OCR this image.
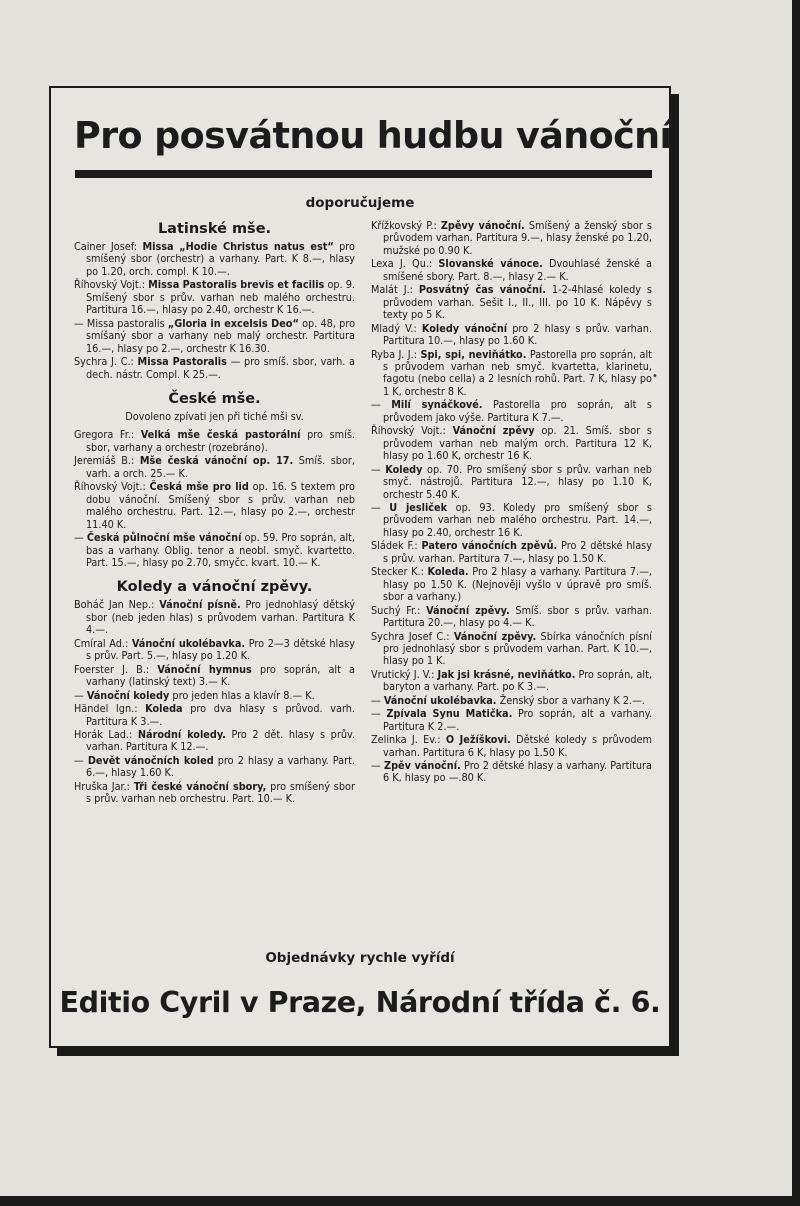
Pro posvátnou hudbu vánoční
doporučujeme
Latinské mše.
Cainer Josef: Missa „Hodie Christus natus est“ pro smíšený sbor (orchestr) a varhany. Part. K 8.—, hlasy po 1.20, orch. compl. K 10.—.
Říhovský Vojt.: Missa Pastoralis brevis et facilis op. 9. Smíšený sbor s prův. varhan neb malého orchestru. Partitura 16.—, hlasy po 2.40, orchestr K 16.—.
— Missa pastoralis „Gloria in excelsis Deo“ op. 48, pro smíšaný sbor a varhany neb malý orchestr. Partitura 16.—, hlasy po 2.—, orchestr K 16.30.
Sychra J. C.: Missa Pastoralis — pro smíš. sbor, varh. a dech. nástr. Compl. K 25.—.
České mše.
Dovoleno zpívati jen při tiché mši sv.
Gregora Fr.: Velká mše česká pastorální pro smíš. sbor, varhany a orchestr (rozebráno).
Jeremiáš B.: Mše česká vánoční op. 17. Smíš. sbor, varh. a orch. 25.— K.
Říhovský Vojt.: Česká mše pro lid op. 16. S textem pro dobu vánoční. Smíšený sbor s prův. varhan neb malého orchestru. Part. 12.—, hlasy po 2.—, orchestr 11.40 K.
— Česká půlnoční mše vánoční op. 59. Pro soprán, alt, bas a varhany. Oblig. tenor a neobl. smyč. kvartetto. Part. 15.—, hlasy po 2.70, smyčc. kvart. 10.— K.
Koledy a vánoční zpěvy.
Boháč Jan Nep.: Vánoční písně. Pro jednohlasý dětský sbor (neb jeden hlas) s průvodem varhan. Partitura K 4.—.
Cmíral Ad.: Vánoční ukolébavka. Pro 2—3 dětské hlasy s prův. Part. 5.—, hlasy po 1.20 K.
Foerster J. B.: Vánoční hymnus pro soprán, alt a varhany (latinský text) 3.— K.
— Vánoční koledy pro jeden hlas a klavír 8.— K.
Händel Ign.: Koleda pro dva hlasy s průvod. varh. Partitura K 3.—.
Horák Lad.: Národní koledy. Pro 2 dět. hlasy s prův. varhan. Partitura K 12.—.
— Devět vánočních koled pro 2 hlasy a varhany. Part. 6.—, hlasy 1.60 K.
Hruška Jar.: Tři české vánoční sbory, pro smíšený sbor s prův. varhan neb orchestru. Part. 10.— K.
Křížkovský P.: Zpěvy vánoční. Smíšený a ženský sbor s průvodem varhan. Partitura 9.—, hlasy ženské po 1.20, mužské po 0.90 K.
Lexa J. Qu.: Slovanské vánoce. Dvouhlasé ženské a smíšené sbory. Part. 8.—, hlasy 2.— K.
Malát J.: Posvátný čas vánoční. 1-2-4hlasé koledy s průvodem varhan. Sešit I., II., III. po 10 K. Nápěvy s texty po 5 K.
Mladý V.: Koledy vánoční pro 2 hlasy s prův. varhan. Partitura 10.—, hlasy po 1.60 K.
Ryba J. J.: Spi, spi, neviňátko. Pastorella pro soprán, alt s průvodem varhan neb smyč. kvartetta, klarinetu, fagotu (nebo cella) a 2 lesních rohů. Part. 7 K, hlasy po 1 K, orchestr 8 K.
— Milí synáčkové. Pastorella pro soprán, alt s průvodem jako výše. Partitura K 7.—.
Říhovský Vojt.: Vánoční zpěvy op. 21. Smíš. sbor s průvodem varhan neb malým orch. Partitura 12 K, hlasy po 1.60 K, orchestr 16 K.
— Koledy op. 70. Pro smíšený sbor s prův. varhan neb smyč. nástrojů. Partitura 12.—, hlasy po 1.10 K, orchestr 5.40 K.
— U jesliček op. 93. Koledy pro smíšený sbor s průvodem varhan neb malého orchestru. Part. 14.—, hlasy po 2.40, orchestr 16 K.
Sládek F.: Patero vánočních zpěvů. Pro 2 dětské hlasy s prův. varhan. Partitura 7.—, hlasy po 1.50 K.
Stecker K.: Koleda. Pro 2 hlasy a varhany. Partitura 7.—, hlasy po 1.50 K. (Nejnověji vyšlo v úpravě pro smíš. sbor a varhany.)
Suchý Fr.: Vánoční zpěvy. Smíš. sbor s prův. varhan. Partitura 20.—, hlasy po 4.— K.
Sychra Josef C.: Vánoční zpěvy. Sbírka vánočních písní pro jednohlasý sbor s průvodem varhan. Part. K 10.—, hlasy po 1 K.
Vrutický J. V.: Jak jsi krásné, neviňátko. Pro soprán, alt, baryton a varhany. Part. po K 3.—.
— Vánoční ukolébavka. Ženský sbor a varhany K 2.—.
— Zpívala Synu Matička. Pro soprán, alt a varhany. Partitura K 2.—.
Zelinka J. Ev.: O Ježíškovi. Dětské koledy s průvodem varhan. Partitura 6 K, hlasy po 1.50 K.
— Zpěv vánoční. Pro 2 dětské hlasy a varhany. Partitura 6 K, hlasy po —.80 K.
Objednávky rychle vyřídí
Editio Cyril v Praze, Národní třída č. 6.
•
